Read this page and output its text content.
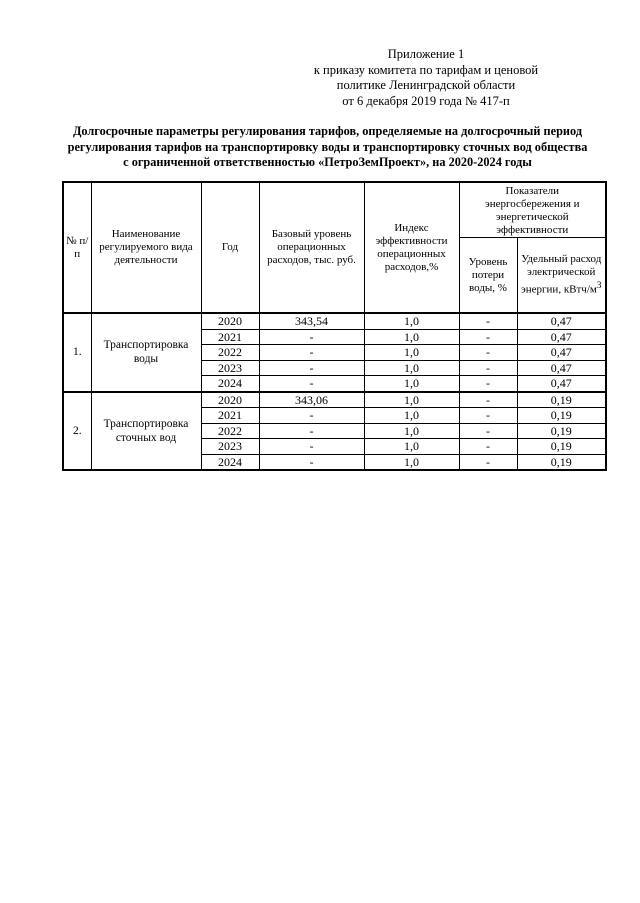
Приложение 1
к приказу комитета по тарифам и ценовой
политике Ленинградской области
от 6 декабря 2019 года № 417-п
Долгосрочные параметры регулирования тарифов, определяемые на долгосрочный период
регулирования тарифов на транспортировку воды и транспортировку сточных вод общества
с ограниченной ответственностью «ПетроЗемПроект», на 2020-2024 годы
№ п/п	Наименование регулируемого вида деятельности	Год	Базовый уровень операционных расходов, тыс. руб.	Индекс эффективности операционных расходов,%	Показатели энергосбережения и энергетической эффективности	
					Уровень потери воды, %	Удельный расход электрической энергии, кВтч/$м^3$
1.	Транспортировка воды	2020	343,54	1,0	-	0,47
		2021	-	1,0	-	0,47
		2022	-	1,0	-	0,47
		2023	-	1,0	-	0,47
		2024	-	1,0	-	0,47
2.	Транспортировка сточных вод	2020	343,06	1,0	-	0,19
		2021	-	1,0	-	0,19
		2022	-	1,0	-	0,19
		2023	-	1,0	-	0,19
		2024	-	1,0	-	0,19
